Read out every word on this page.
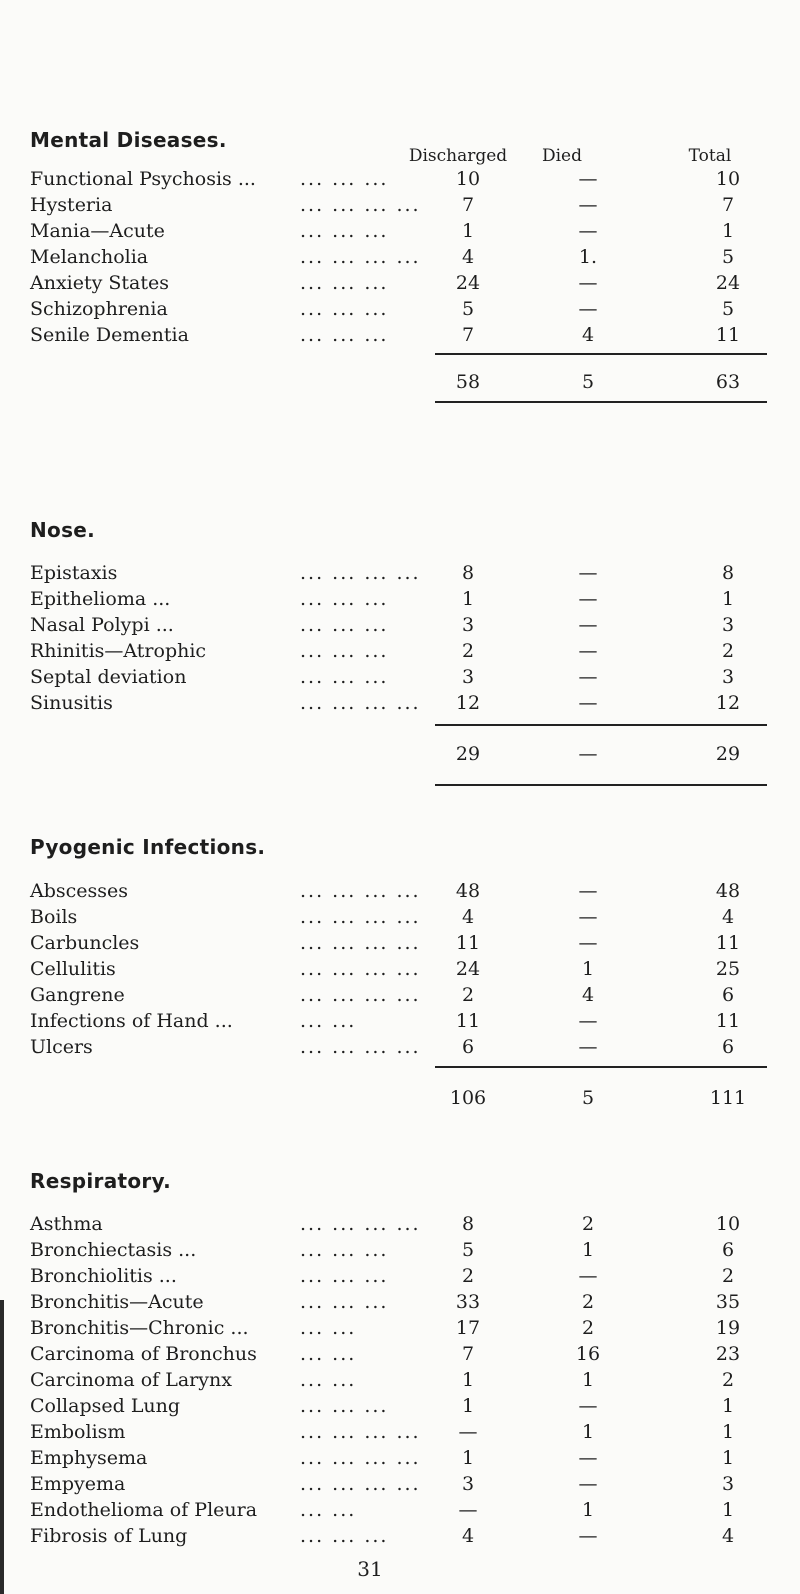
Discharged	Died	Total
Mental Diseases.
Nose.
Pyogenic Infections.
Respiratory.
Functional Psychosis ... ... ... ...	10	—	10
Hysteria	... ... ... ...	7	—	7
Mania—Acute	... ... ...	1	—	1
Melancholia	... ... ... ...	4	1.	5
Anxiety States	... ... ...	24	—	24
Schizophrenia	... ... ...	5	—	5
Senile Dementia	... ... ...	7	4	11
58	5	63
Epistaxis	... ... ... ...	8	—	8
Epithelioma ...	... ... ...	1	—	1
Nasal Polypi ...	... ... ...	3	—	3
Rhinitis—Atrophic	... ... ...	2	—	2
Septal deviation	... ... ...	3	—	3
Sinusitis	... ... ... ...	12	—	12
29	—	29
Abscesses	... ... ... ...	48	—	48
Boils	... ... ... ...	4	—	4
Carbuncles	... ... ... ...	11	—	11
Cellulitis	... ... ... ...	24	1	25
Gangrene	... ... ... ...	2	4	6
Infections of Hand ...	... ...	11	—	11
Ulcers	... ... ... ...	6	—	6
106	5	111
Asthma	... ... ... ...	8	2	10
Bronchiectasis ...	... ... ...	5	1	6
Bronchiolitis ...	... ... ...	2	—	2
Bronchitis—Acute	... ... ...	33	2	35
Bronchitis—Chronic ...	... ...	17	2	19
Carcinoma of Bronchus ... ...	7	16	23
Carcinoma of Larynx	... ...	1	1	2
Collapsed Lung	... ... ...	1	—	1
Embolism	... ... ... ...	—	1	1
Emphysema	... ... ... ...	1	—	1
Empyema	... ... ... ...	3	—	3
Endothelioma of Pleura ... ...	—	1	1
Fibrosis of Lung	... ... ...	4	—	4
31
